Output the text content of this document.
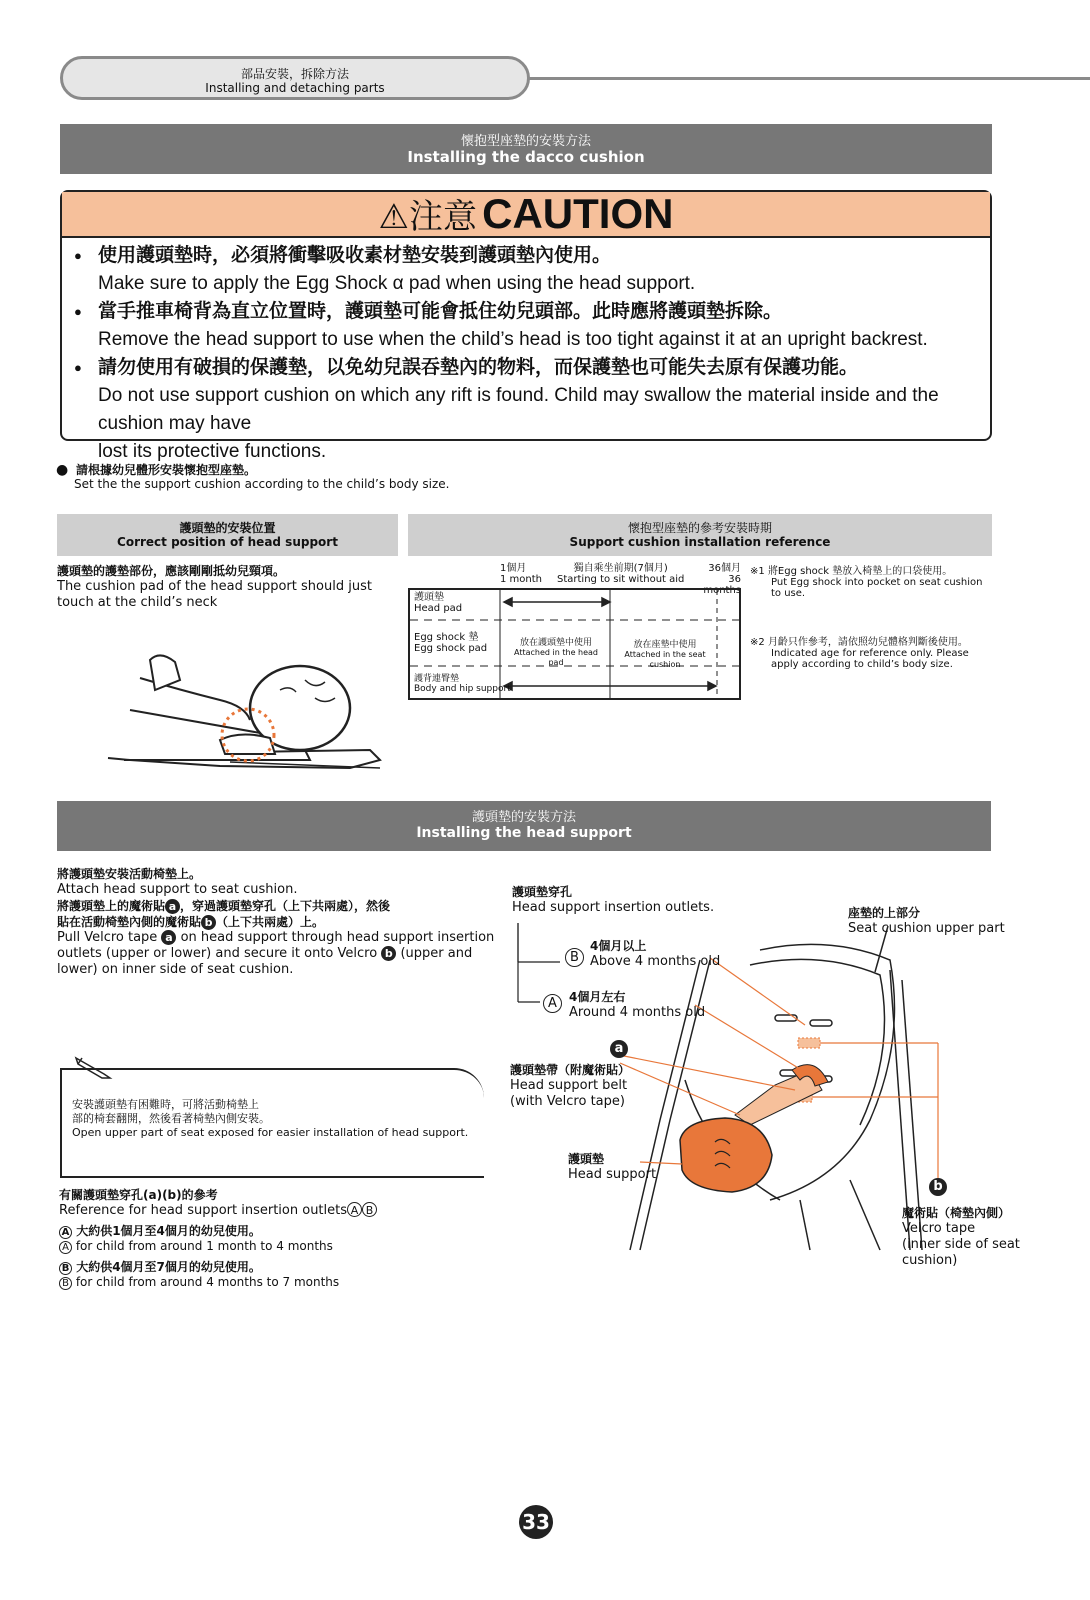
部品安裝，拆除方法
Installing and detaching parts
懷抱型座墊的安裝方法
Installing the dacco cushion
⚠注意 CAUTION
● 使用護頭墊時，必須將衝擊吸收素材墊安裝到護頭墊內使用。
Make sure to apply the Egg Shock α pad when using the head support.
● 當手推車椅背為直立位置時，護頭墊可能會抵住幼兒頭部。此時應將護頭墊拆除。
Remove the head support to use when the child’s head is too tight against it at an upright backrest.
● 請勿使用有破損的保護墊，以免幼兒誤吞墊內的物料，而保護墊也可能失去原有保護功能。
Do not use support cushion on which any rift is found. Child may swallow the material inside and the cushion may have
lost its protective functions.
● 請根據幼兒體形安裝懷抱型座墊。
Set the the support cushion according to the child’s body size.
護頭墊的安裝位置
Correct position of head support
護頭墊的護墊部份，應該剛剛抵幼兒頸項。
The cushion pad of the head support should just touch at the child’s neck
懷抱型座墊的參考安裝時期
Support cushion installation reference
1個月
1 month
獨自乘坐前期(7個月)
Starting to sit without aid
36個月
36 months
護頭墊
Head pad
Egg shock 墊
Egg shock pad	放在護頭墊中使用
Attached in the head pad
放在座墊中使用
Attached in the seat cushion
護背連臀墊
Body and hip support
※1 將Egg shock 墊放入椅墊上的口袋使用。
Put Egg shock into pocket on seat cushion to use.
※2 月齡只作參考，請依照幼兒體格判斷後使用。
Indicated age for reference only. Please apply according to child’s body size.
護頭墊的安裝方法
Installing the head support
將護頭墊安裝活動椅墊上。
Attach head support to seat cushion.
將護頭墊上的魔術貼 a ，穿過護頭墊穿孔（上下共兩處），然後
貼在活動椅墊內側的魔術貼 b （上下共兩處）上。
Pull Velcro tape a on head support through head support insertion
outlets (upper or lower) and secure it onto Velcro b (upper and
lower) on inner side of seat cushion.
安裝護頭墊有困難時，可將活動椅墊上
部的椅套翻開，然後看著椅墊內側安裝。
Open upper part of seat exposed for easier installation of head support.
有關護頭墊穿孔(a)(b)的參考
Reference for head support insertion outlets A B
A 大約供1個月至4個月的幼兒使用。
A for child from around 1 month to 4 months
B 大約供4個月至7個月的幼兒使用。
B for child from around 4 months to 7 months
護頭墊穿孔
Head support insertion outlets.
B
4個月以上
Above 4 months old
A	4個月左右
Around 4 months old
座墊的上部分
Seat cushion upper part
a
護頭墊帶（附魔術貼）
Head support belt
(with Velcro tape)
護頭墊
Head support
b
魔術貼（椅墊內側）
Velcro tape
(inner side of seat
cushion)
33
